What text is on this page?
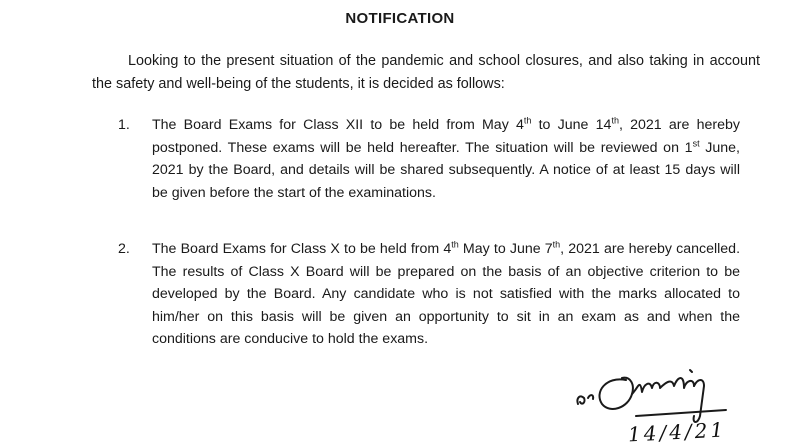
NOTIFICATION

Looking to the present situation of the pandemic and school closures, and also taking in account the safety and well-being of the students, it is decided as follows:

1. The Board Exams for Class XII to be held from May 4th to June 14th, 2021 are hereby postponed. These exams will be held hereafter. The situation will be reviewed on 1st June, 2021 by the Board, and details will be shared subsequently. A notice of at least 15 days will be given before the start of the examinations.
2. The Board Exams for Class X to be held from 4th May to June 7th, 2021 are hereby cancelled. The results of Class X Board will be prepared on the basis of an objective criterion to be developed by the Board. Any candidate who is not satisfied with the marks allocated to him/her on this basis will be given an opportunity to sit in an exam as and when the conditions are conducive to hold the exams.
14/4/21
